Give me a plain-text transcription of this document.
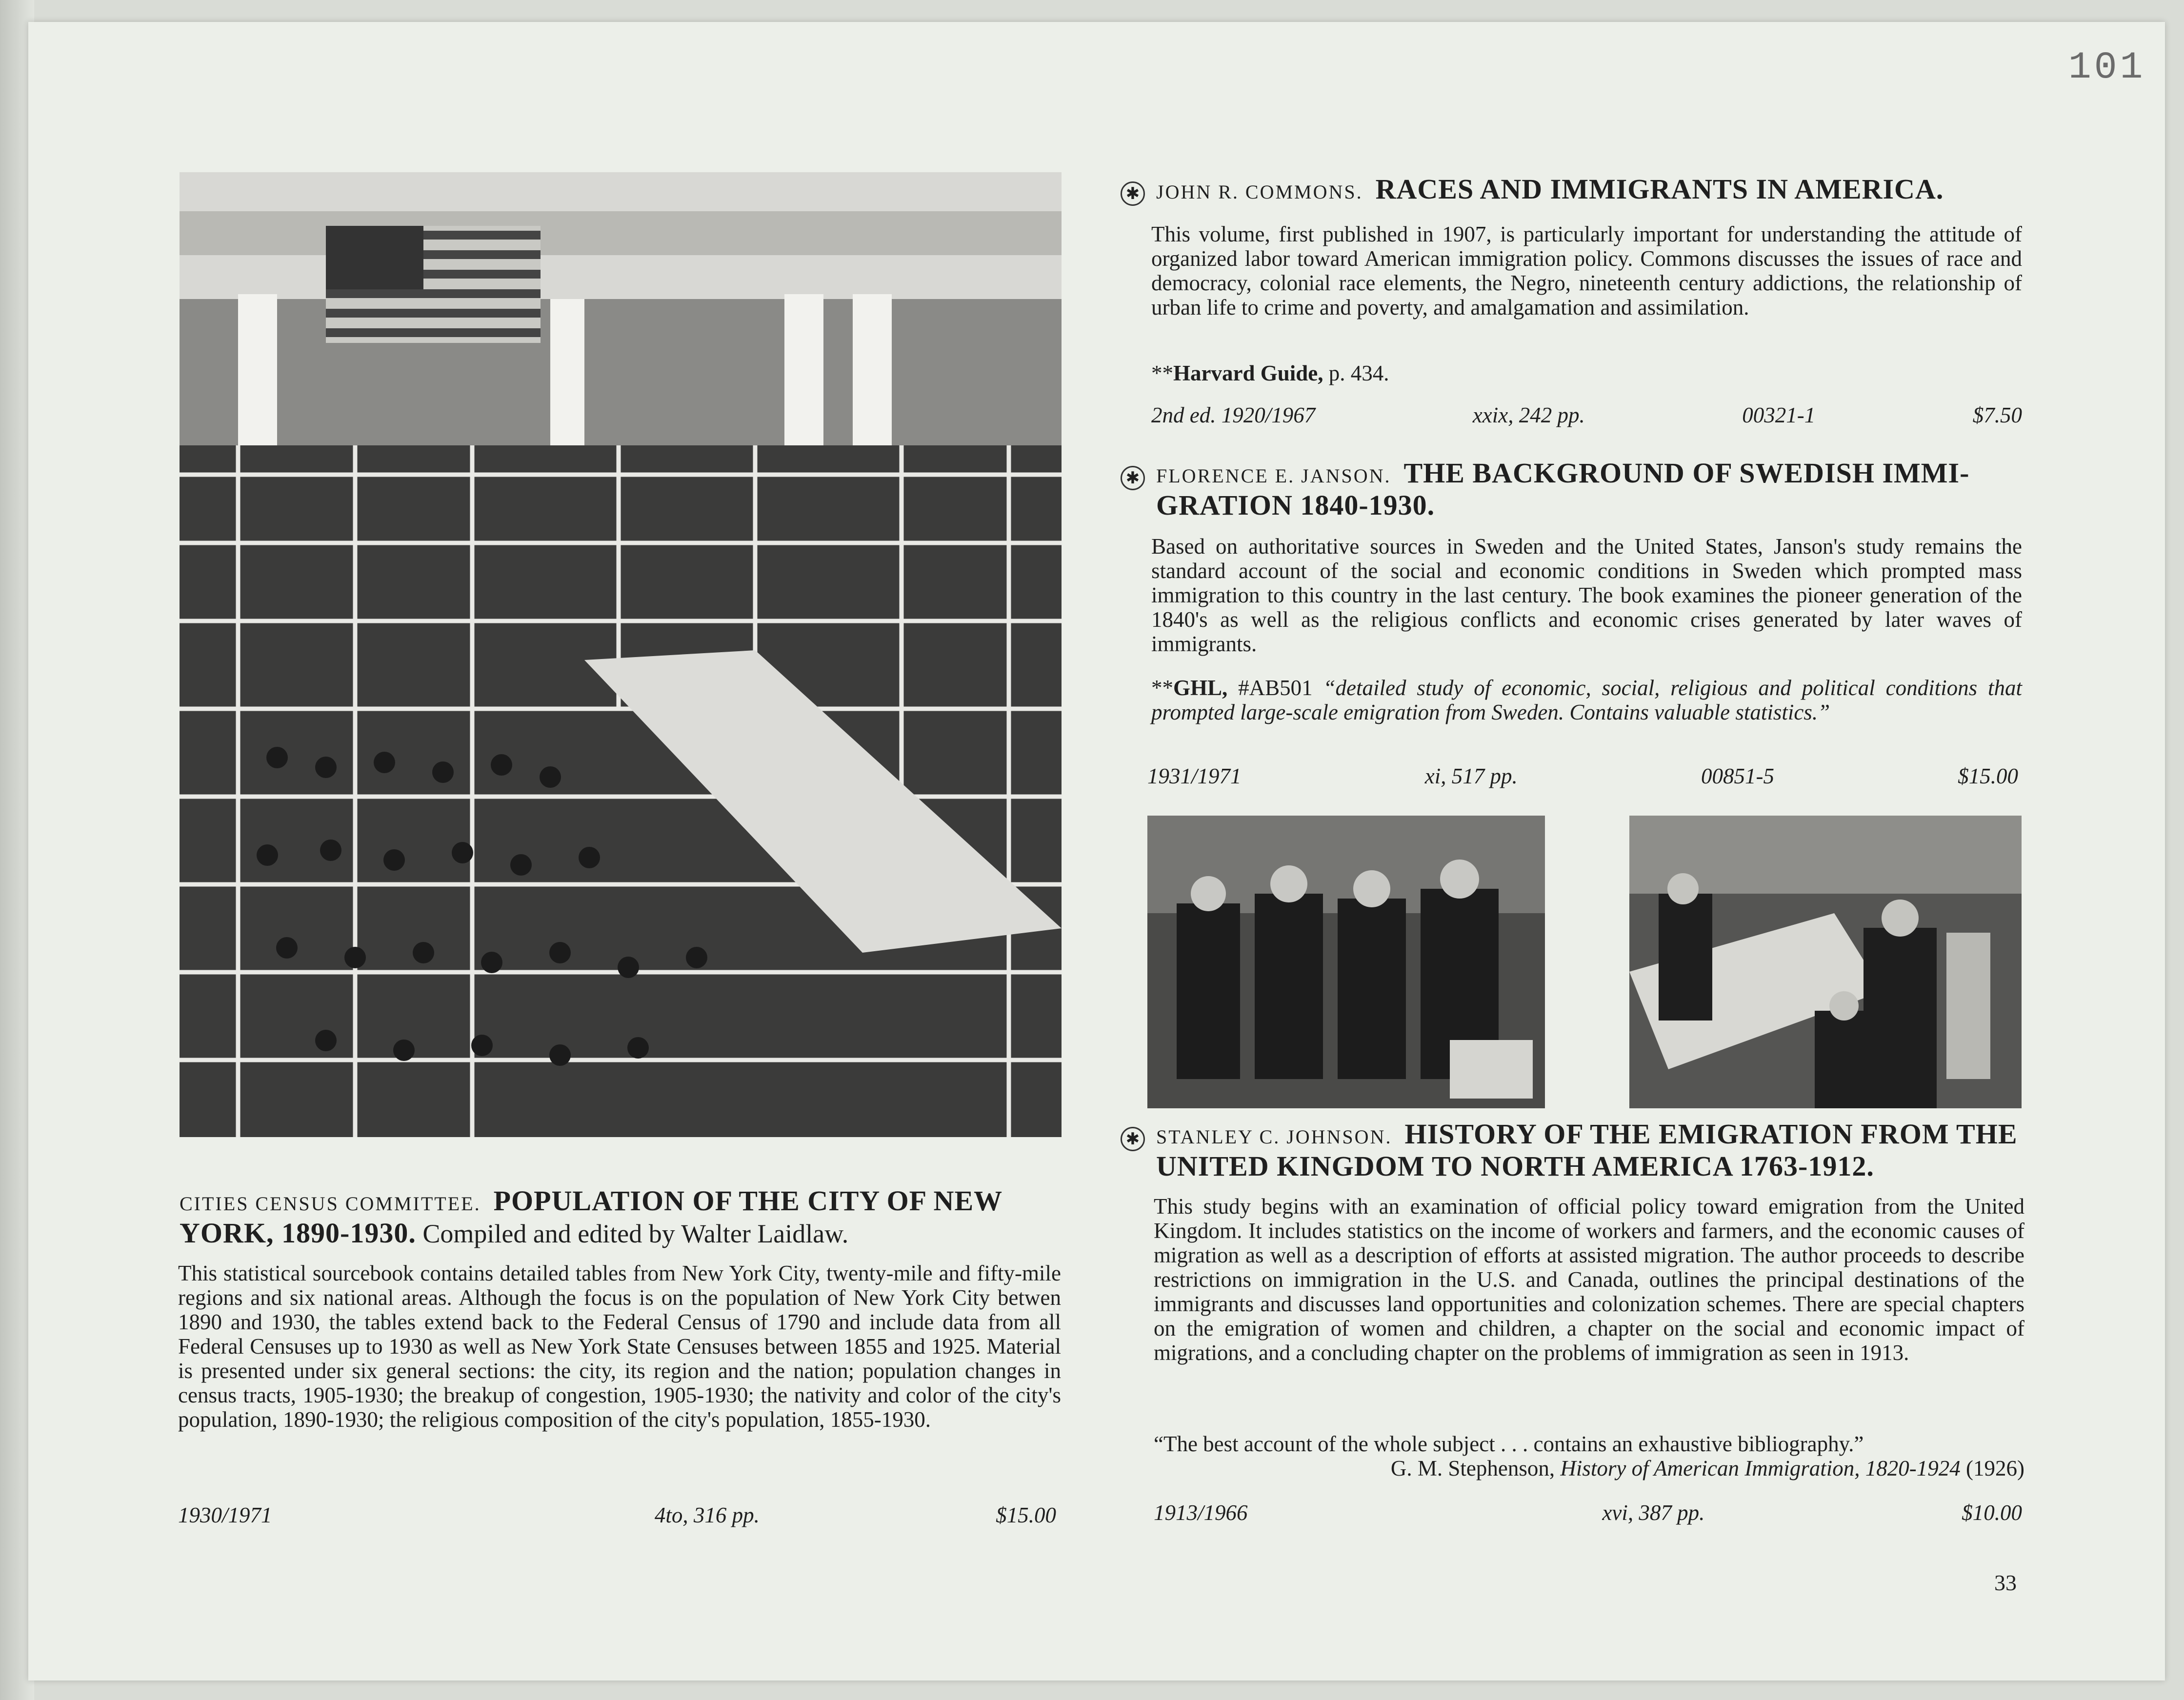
101
CITIES CENSUS COMMITTEE. POPULATION OF THE CITY OF NEW
YORK, 1890-1930. Compiled and edited by Walter Laidlaw.
This statistical sourcebook contains detailed tables from New York City, twenty-mile and fifty-mile regions and six national areas. Although the focus is on the population of New York City betwen 1890 and 1930, the tables extend back to the Federal Census of 1790 and include data from all Federal Censuses up to 1930 as well as New York State Censuses between 1855 and 1925. Material is presented under six general sections: the city, its region and the nation; population changes in census tracts, 1905-1930; the breakup of congestion, 1905-1930; the nativity and color of the city's population, 1890-1930; the religious composition of the city's population, 1855-1930.
1930/1971	4to, 316 pp.	$15.00
✱ JOHN R. COMMONS. RACES AND IMMIGRANTS IN AMERICA.
This volume, first published in 1907, is particularly important for understanding the attitude of organized labor toward American immigration policy. Commons discusses the issues of race and democracy, colonial race elements, the Negro, nineteenth century addictions, the relationship of urban life to crime and poverty, and amalgamation and assimilation.
**Harvard Guide, p. 434.
2nd ed. 1920/1967	xxix, 242 pp.	00321-1	$7.50
✱ FLORENCE E. JANSON. THE BACKGROUND OF SWEDISH IMMI-
GRATION 1840-1930.
Based on authoritative sources in Sweden and the United States, Janson's study remains the standard account of the social and economic conditions in Sweden which prompted mass immigration to this country in the last century. The book examines the pioneer generation of the 1840's as well as the religious conflicts and economic crises generated by later waves of immigrants.
**GHL, #AB501 “detailed study of economic, social, religious and political conditions that prompted large-scale emigration from Sweden. Contains valuable statistics.”
1931/1971	xi, 517 pp.	00851-5	$15.00
✱ STANLEY C. JOHNSON. HISTORY OF THE EMIGRATION FROM THE
UNITED KINGDOM TO NORTH AMERICA 1763-1912.
This study begins with an examination of official policy toward emigration from the United Kingdom. It includes statistics on the income of workers and farmers, and the economic causes of migration as well as a description of efforts at assisted migration. The author proceeds to describe restrictions on immigration in the U.S. and Canada, outlines the principal destinations of the immigrants and discusses land opportunities and colonization schemes. There are special chapters on the emigration of women and children, a chapter on the social and economic impact of migrations, and a concluding chapter on the problems of immigration as seen in 1913.
“The best account of the whole subject . . . contains an exhaustive bibliography.”
G. M. Stephenson, History of American Immigration, 1820-1924 (1926)
1913/1966	xvi, 387 pp.	$10.00
33
